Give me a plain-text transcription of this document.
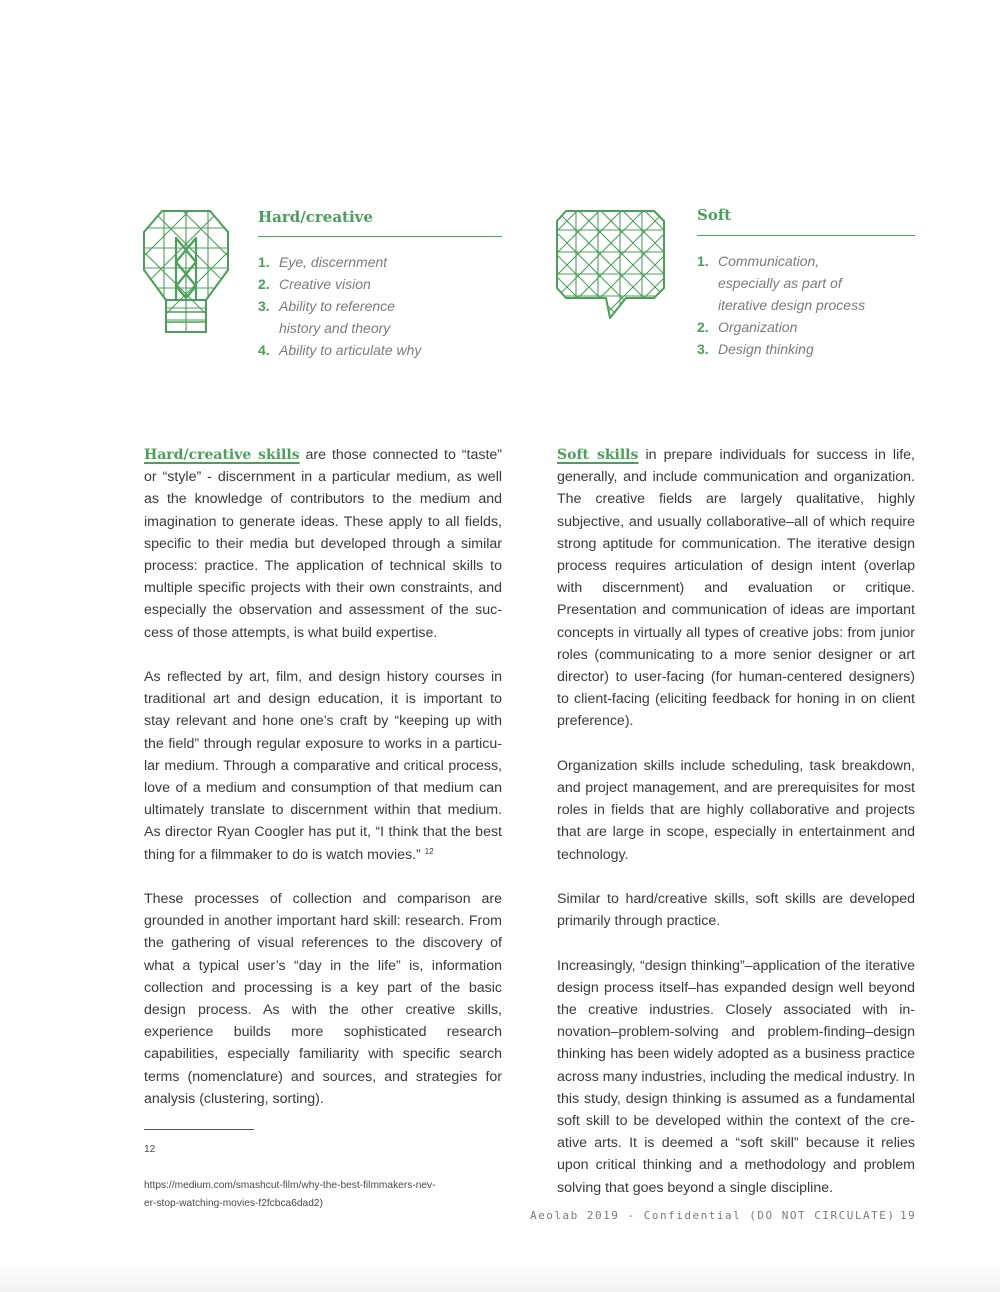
Hard/creative
1. Eye, discernment
2. Creative vision
3. Ability to reference
history and theory
4. Ability to articulate why
Soft
1. Communication,
especially as part of
iterative design process
2. Organization
3. Design thinking

Hard/creative skills are those connected to “taste” or “style” - discernment in a particular medium, as well as the knowledge of contributors to the medium and imagination to generate ideas. These apply to all fields, specific to their media but developed through a similar process: practice. The application of technical skills to multiple specific projects with their own constraints, and especially the observation and assessment of the success of those attempts, is what build expertise.

As reflected by art, film, and design history courses in traditional art and design education, it is important to stay relevant and hone one’s craft by “keeping up with the field” through regular exposure to works in a particular medium. Through a comparative and critical process, love of a medium and consumption of that medium can ultimately translate to discernment within that medium. As director Ryan Coogler has put it, “I think that the best thing for a filmmaker to do is watch movies.” $^{12}$

These processes of collection and comparison are grounded in another important hard skill: research. From the gathering of visual references to the discovery of what a typical user’s “day in the life” is, information collection and processing is a key part of the basic design process. As with the other creative skills, experience builds more sophisticated research capabilities, especially familiarity with specific search terms (nomenclature) and sources, and strategies for analysis (clustering, sorting).

Soft skills in prepare individuals for success in life, generally, and include communication and organization. The creative fields are largely qualitative, highly subjective, and usually collaborative–all of which require strong aptitude for communication. The iterative design process requires articulation of design intent (overlap with discernment) and evaluation or critique. Presentation and communication of ideas are important concepts in virtually all types of creative jobs: from junior roles (communicating to a more senior designer or art director) to user-facing (for human-centered designers) to client-facing (eliciting feedback for honing in on client preference).

Organization skills include scheduling, task breakdown, and project management, and are prerequisites for most roles in fields that are highly collaborative and projects that are large in scope, especially in entertainment and technology.

Similar to hard/creative skills, soft skills are developed primarily through practice.

Increasingly, “design thinking”–application of the iterative design process itself–has expanded design well beyond the creative industries. Closely associated with innovation–problem-solving and problem-finding–design thinking has been widely adopted as a business practice across many industries, including the medical industry. In this study, design thinking is assumed as a fundamental soft skill to be developed within the context of the creative arts. It is deemed a “soft skill” because it relies upon critical thinking and a methodology and problem solving that goes beyond a single discipline.

12

https://medium.com/smashcut-film/why-the-best-filmmakers-nev-
er-stop-watching-movies-f2fcbca6dad2)
Aeolab 2019 - Confidential (DO NOT CIRCULATE) 19
